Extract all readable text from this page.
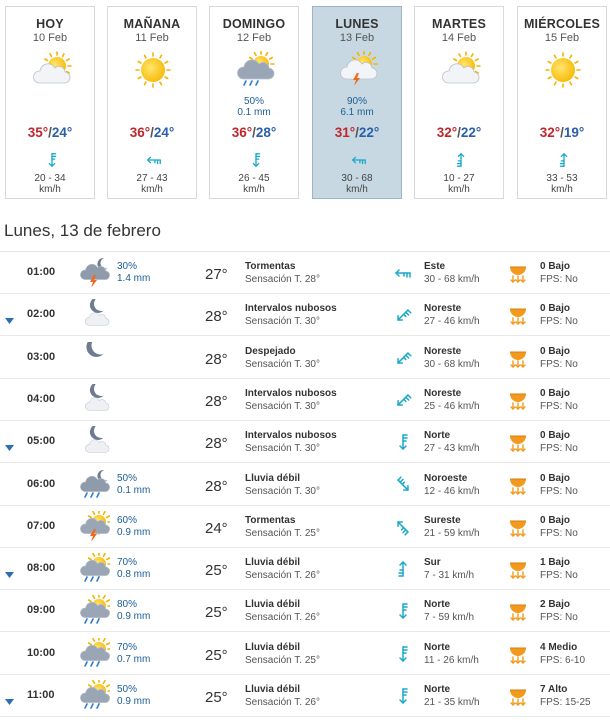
HOY
10 Feb
35°/24°
20 - 34
km/h
MAÑANA
11 Feb
36°/24°
27 - 43
km/h
DOMINGO
12 Feb
50%
0.1 mm
36°/28°
26 - 45
km/h
LUNES
13 Feb
90%
6.1 mm
31°/22°
30 - 68
km/h
MARTES
14 Feb
32°/22°
10 - 27
km/h
MIÉRCOLES
15 Feb
32°/19°
33 - 53
km/h
Lunes, 13 de febrero
01:00	30%
1.4 mm	27° Tormentas
Sensación T. 28°
Este
30 - 68 km/h
0 Bajo
FPS: No
02:00	28° Intervalos nubosos
Sensación T. 30°
Noreste
27 - 46 km/h
0 Bajo
FPS: No
03:00	28° Despejado
Sensación T. 30°
Noreste
30 - 68 km/h
0 Bajo
FPS: No
04:00	28° Intervalos nubosos
Sensación T. 30°
Noreste
25 - 46 km/h
0 Bajo
FPS: No
05:00	28° Intervalos nubosos
Sensación T. 30°
Norte
27 - 43 km/h
0 Bajo
FPS: No
06:00	50%
0.1 mm	28° Lluvia débil
Sensación T. 30°
Noroeste
12 - 46 km/h
0 Bajo
FPS: No
07:00	60%
0.9 mm	24° Tormentas
Sensación T. 25°
Sureste
21 - 59 km/h
0 Bajo
FPS: No
08:00	70%
0.8 mm	25° Lluvia débil
Sensación T. 26°
Sur
7 - 31 km/h
1 Bajo
FPS: No
09:00	80%
0.9 mm	25° Lluvia débil
Sensación T. 26°
Norte
7 - 59 km/h
2 Bajo
FPS: No
10:00	70%
0.7 mm	25° Lluvia débil
Sensación T. 25°
Norte
11 - 26 km/h
4 Medio
FPS: 6-10
11:00	50%
0.9 mm	25° Lluvia débil
Sensación T. 26°
Norte
21 - 35 km/h
7 Alto
FPS: 15-25
